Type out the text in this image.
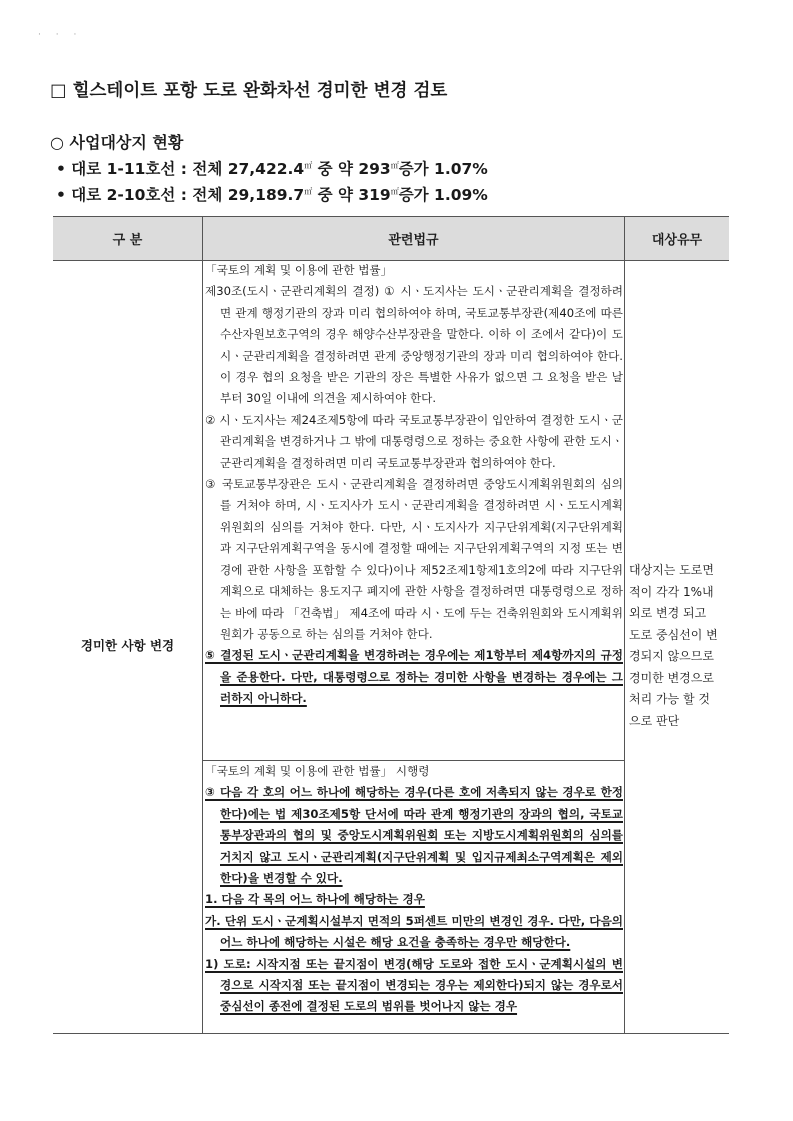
· · ·
□ 힐스테이트 포항 도로 완화차선 경미한 변경 검토
○ 사업대상지 현황
• 대로 1-11호선 : 전체 27,422.4㎡ 중 약 293㎡증가 1.07%
• 대로 2-10호선 : 전체 29,189.7㎡ 중 약 319㎡증가 1.09%
구 분	관련법규	대상유무
경미한 사항 변경

「국토의 계획 및 이용에 관한 법률」

제30조(도시ㆍ군관리계획의 결정) ① 시ㆍ도지사는 도시ㆍ군관리계획을 결정하려면 관계 행정기관의 장과 미리 협의하여야 하며, 국토교통부장관(제40조에 따른 수산자원보호구역의 경우 해양수산부장관을 말한다. 이하 이 조에서 같다)이 도시ㆍ군관리계획을 결정하려면 관계 중앙행정기관의 장과 미리 협의하여야 한다. 이 경우 협의 요청을 받은 기관의 장은 특별한 사유가 없으면 그 요청을 받은 날부터 30일 이내에 의견을 제시하여야 한다.

② 시ㆍ도지사는 제24조제5항에 따라 국토교통부장관이 입안하여 결정한 도시ㆍ군관리계획을 변경하거나 그 밖에 대통령령으로 정하는 중요한 사항에 관한 도시ㆍ군관리계획을 결정하려면 미리 국토교통부장관과 협의하여야 한다.

③ 국토교통부장관은 도시ㆍ군관리계획을 결정하려면 중앙도시계획위원회의 심의를 거쳐야 하며, 시ㆍ도지사가 도시ㆍ군관리계획을 결정하려면 시ㆍ도도시계획위원회의 심의를 거쳐야 한다. 다만, 시ㆍ도지사가 지구단위계획(지구단위계획과 지구단위계획구역을 동시에 결정할 때에는 지구단위계획구역의 지정 또는 변경에 관한 사항을 포함할 수 있다)이나 제52조제1항제1호의2에 따라 지구단위계획으로 대체하는 용도지구 폐지에 관한 사항을 결정하려면 대통령령으로 정하는 바에 따라 「건축법」 제4조에 따라 시ㆍ도에 두는 건축위원회와 도시계획위원회가 공동으로 하는 심의를 거쳐야 한다.

⑤ 결정된 도시ㆍ군관리계획을 변경하려는 경우에는 제1항부터 제4항까지의 규정을 준용한다. 다만, 대통령령으로 정하는 경미한 사항을 변경하는 경우에는 그러하지 아니하다.

「국토의 계획 및 이용에 관한 법률」 시행령

③ 다음 각 호의 어느 하나에 해당하는 경우(다른 호에 저촉되지 않는 경우로 한정한다)에는 법 제30조제5항 단서에 따라 관계 행정기관의 장과의 협의, 국토교통부장관과의 협의 및 중앙도시계획위원회 또는 지방도시계획위원회의 심의를 거치지 않고 도시ㆍ군관리계획(지구단위계획 및 입지규제최소구역계획은 제외한다)을 변경할 수 있다.

1. 다음 각 목의 어느 하나에 해당하는 경우

가. 단위 도시ㆍ군계획시설부지 면적의 5퍼센트 미만의 변경인 경우. 다만, 다음의 어느 하나에 해당하는 시설은 해당 요건을 충족하는 경우만 해당한다.

1) 도로: 시작지점 또는 끝지점이 변경(해당 도로와 접한 도시ㆍ군계획시설의 변경으로 시작지점 또는 끝지점이 변경되는 경우는 제외한다)되지 않는 경우로서 중심선이 종전에 결정된 도로의 범위를 벗어나지 않는 경우

대상지는 도로면
적이 각각 1%내
외로 변경 되고
도로 중심선이 변
경되지 않으므로
경미한 변경으로
처리 가능 할 것
으로 판단
